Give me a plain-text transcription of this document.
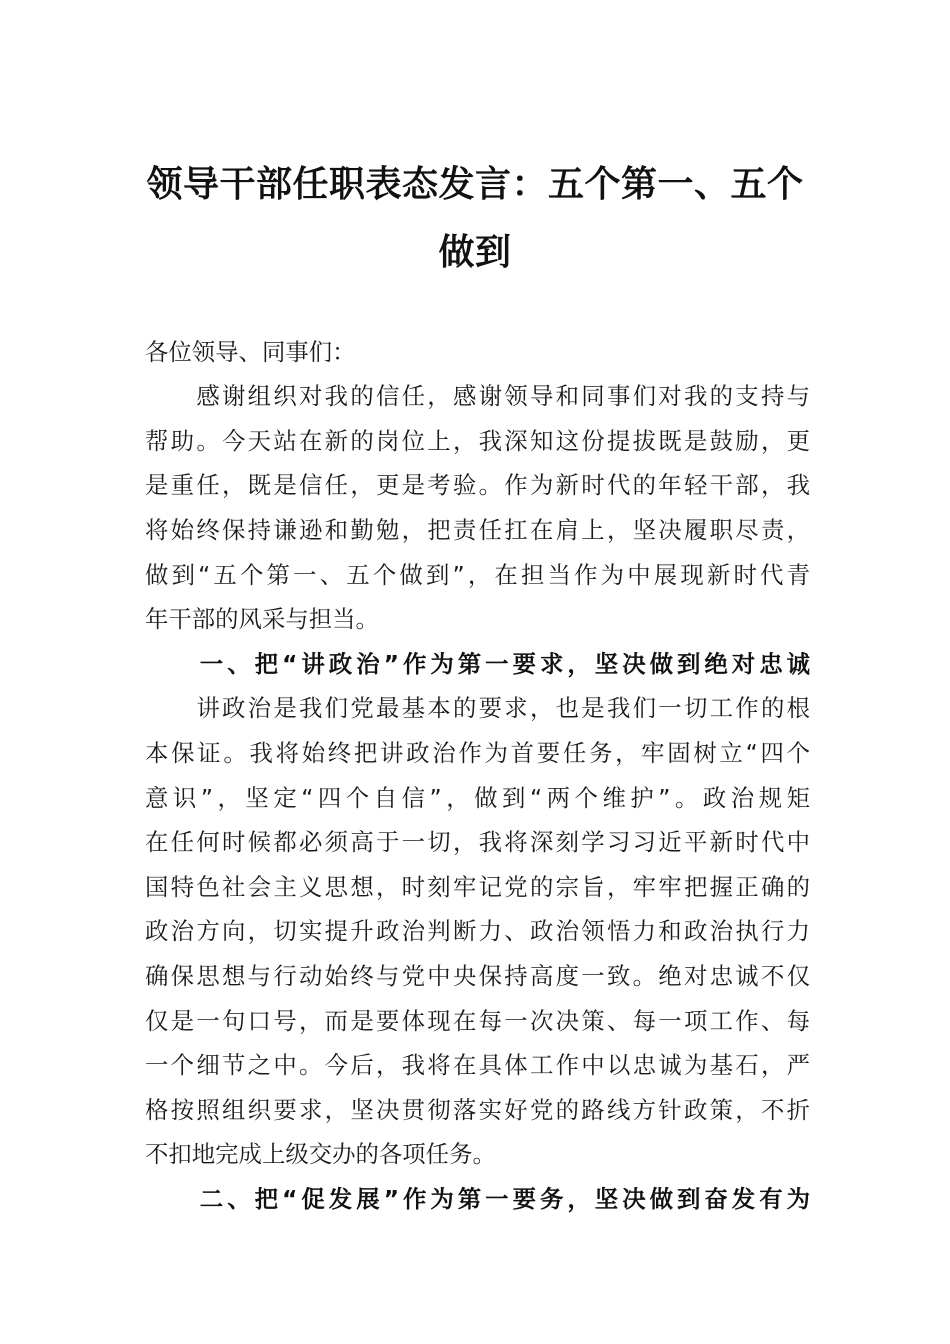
领导干部任职表态发言：五个第一、五个
做到
各位领导、同事们：
　　感谢组织对我的信任，感谢领导和同事们对我的支持与
帮助。今天站在新的岗位上，我深知这份提拔既是鼓励，更
是重任，既是信任，更是考验。作为新时代的年轻干部，我
将始终保持谦逊和勤勉，把责任扛在肩上，坚决履职尽责，
做到“五个第一、五个做到”，在担当作为中展现新时代青
年干部的风采与担当。
　　一、把“讲政治”作为第一要求，坚决做到绝对忠诚
　　讲政治是我们党最基本的要求，也是我们一切工作的根
本保证。我将始终把讲政治作为首要任务，牢固树立“四个
意识”，坚定“四个自信”，做到“两个维护”。政治规矩
在任何时候都必须高于一切，我将深刻学习习近平新时代中
国特色社会主义思想，时刻牢记党的宗旨，牢牢把握正确的
政治方向，切实提升政治判断力、政治领悟力和政治执行力
确保思想与行动始终与党中央保持高度一致。绝对忠诚不仅
仅是一句口号，而是要体现在每一次决策、每一项工作、每
一个细节之中。今后，我将在具体工作中以忠诚为基石，严
格按照组织要求，坚决贯彻落实好党的路线方针政策，不折
不扣地完成上级交办的各项任务。
　　二、把“促发展”作为第一要务，坚决做到奋发有为
